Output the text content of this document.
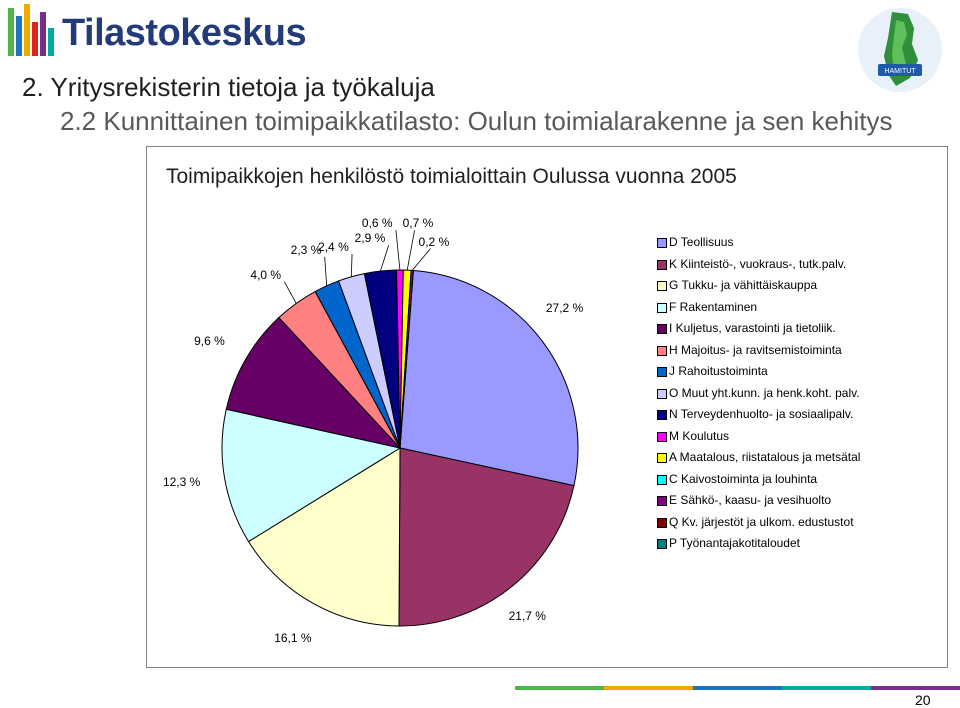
Tilastokeskus
HAMITUT
2. Yritysrekisterin tietoja ja työkaluja
2.2 Kunnittainen toimipaikkatilasto: Oulun toimialarakenne ja sen kehitys
Toimipaikkojen henkilöstö toimialoittain Oulussa vuonna 2005
27,2 %
21,7 %
16,1 %
12,3 %
9,6 %
4,0 %
2,3 %
2,4 %
2,9 %
0,6 % 0,7 %
0,2 %	D Teollisuus
K Kiinteistö-, vuokraus-, tutk.palv.
G Tukku- ja vähittäiskauppa
F Rakentaminen
I Kuljetus, varastointi ja tietoliik.
H Majoitus- ja ravitsemistoiminta
J Rahoitustoiminta
O Muut yht.kunn. ja henk.koht. palv.
N Terveydenhuolto- ja sosiaalipalv.
M Koulutus
A Maatalous, riistatalous ja metsätal
C Kaivostoiminta ja louhinta
E Sähkö-, kaasu- ja vesihuolto
Q Kv. järjestöt ja ulkom. edustustot
P Työnantajakotitaloudet
20
